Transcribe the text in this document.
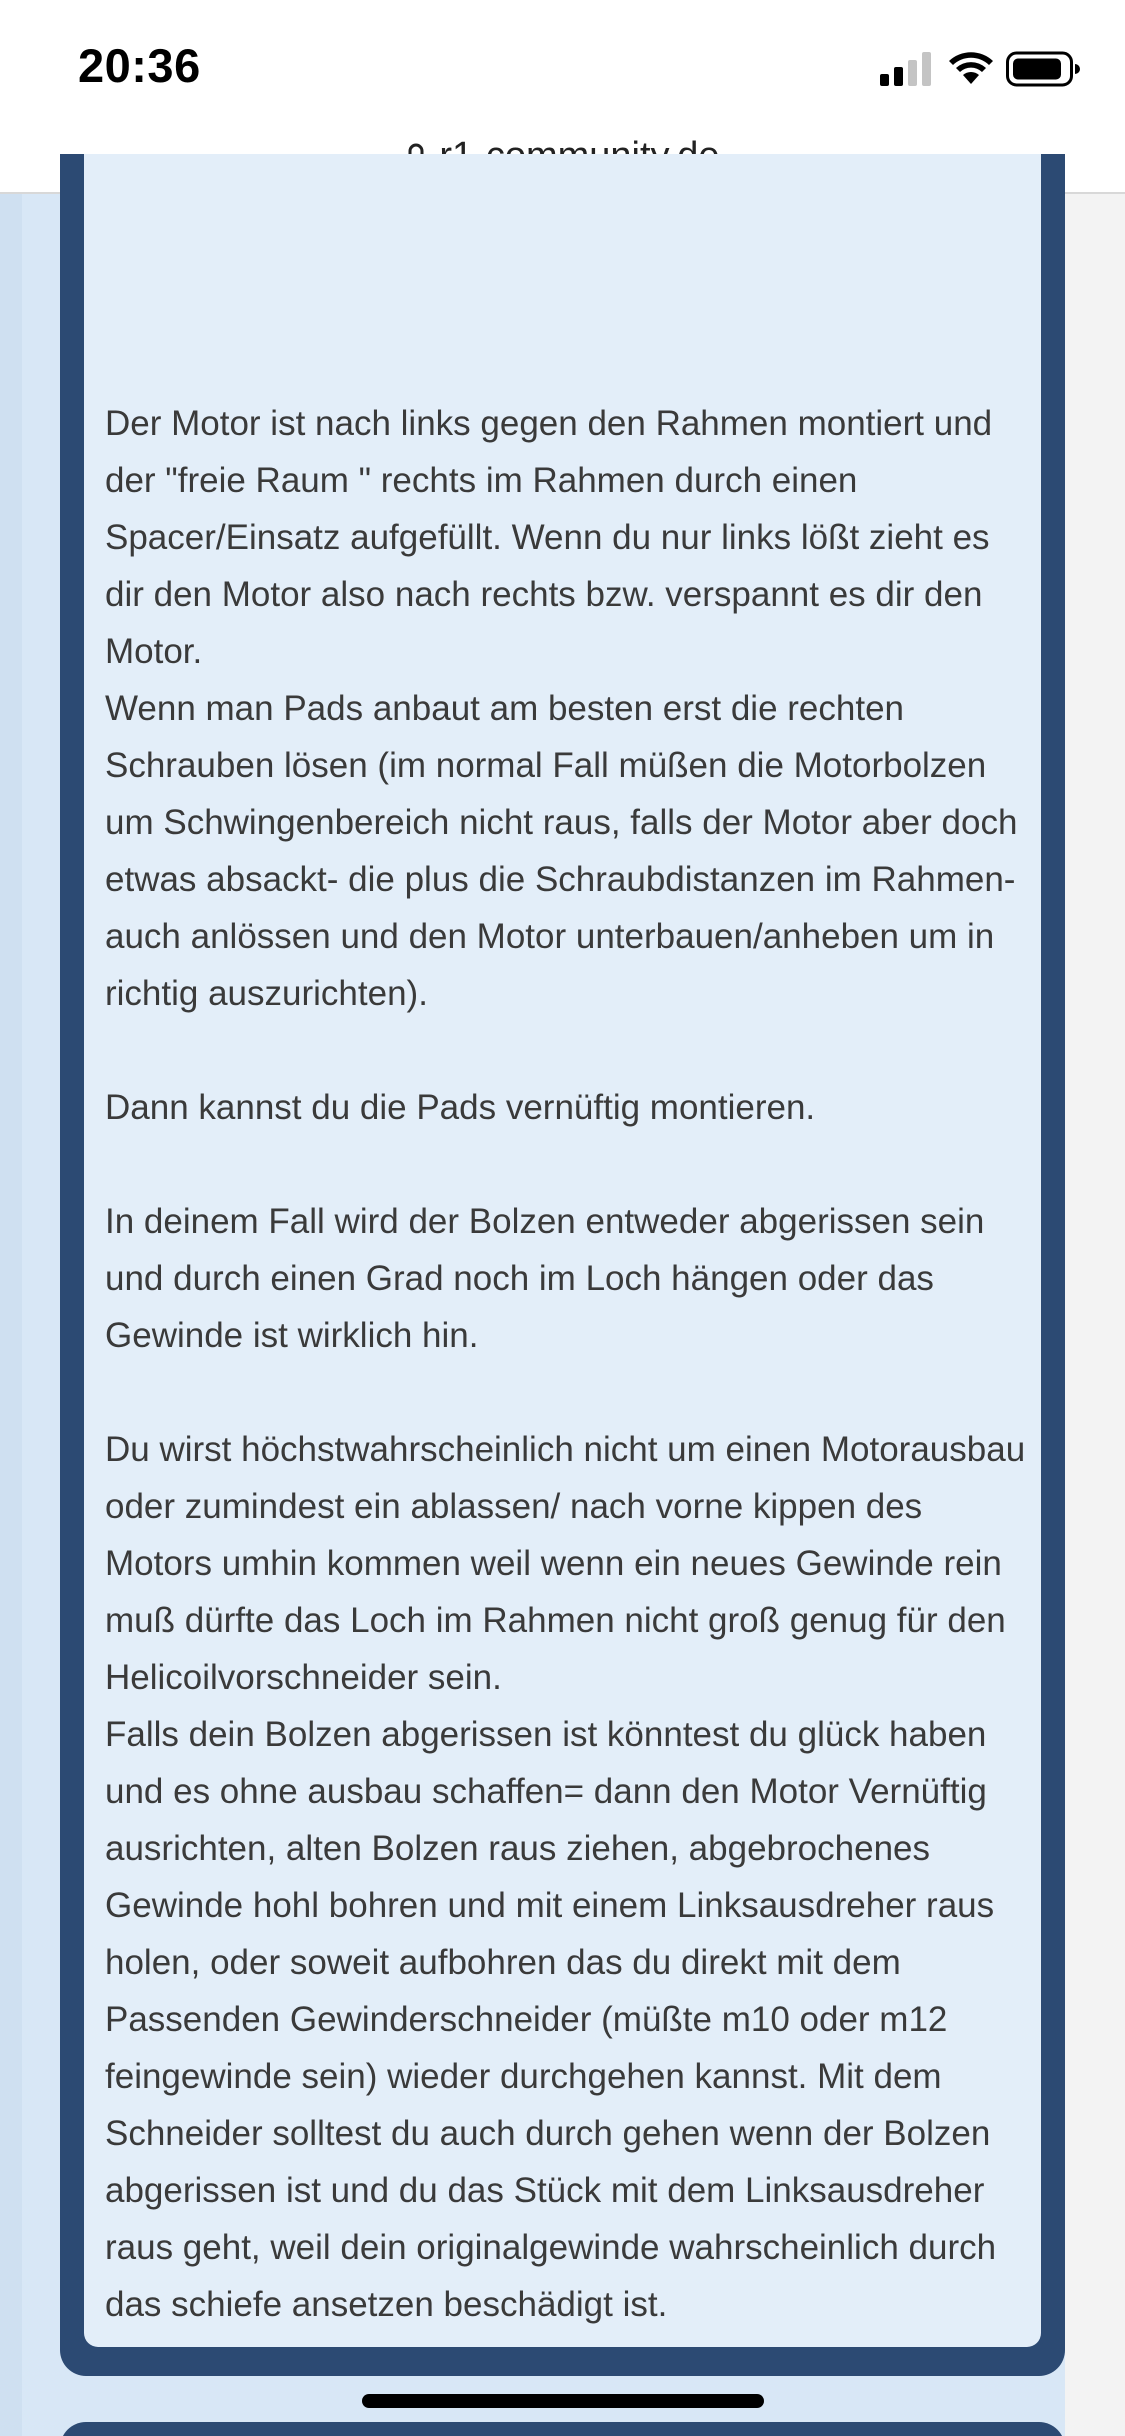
20:36

Der Motor ist nach links gegen den Rahmen montiert und der "freie Raum " rechts im Rahmen durch einen Spacer/Einsatz aufgefüllt. Wenn du nur links lößt zieht es dir den Motor also nach rechts bzw. verspannt es dir den Motor.
Wenn man Pads anbaut am besten erst die rechten Schrauben lösen (im normal Fall müßen die Motorbolzen um Schwingenbereich nicht raus, falls der Motor aber doch etwas absackt- die plus die Schraubdistanzen im Rahmen- auch anlössen und den Motor unterbauen/anheben um in richtig auszurichten).

Dann kannst du die Pads vernüftig montieren.

In deinem Fall wird der Bolzen entweder abgerissen sein und durch einen Grad noch im Loch hängen oder das Gewinde ist wirklich hin.

Du wirst höchstwahrscheinlich nicht um einen Motorausbau oder zumindest ein ablassen/ nach vorne kippen des Motors umhin kommen weil wenn ein neues Gewinde rein muß dürfte das Loch im Rahmen nicht groß genug für den Helicoilvorschneider sein.
Falls dein Bolzen abgerissen ist könntest du glück haben und es ohne ausbau schaffen= dann den Motor Vernüftig ausrichten, alten Bolzen raus ziehen, abgebrochenes Gewinde hohl bohren und mit einem Linksausdreher raus holen, oder soweit aufbohren das du direkt mit dem Passenden Gewinderschneider (müßte m10 oder m12 feingewinde sein) wieder durchgehen kannst. Mit dem Schneider solltest du auch durch gehen wenn der Bolzen abgerissen ist und du das Stück mit dem Linksausdreher raus geht, weil dein originalgewinde wahrscheinlich durch das schiefe ansetzen beschädigt ist.
